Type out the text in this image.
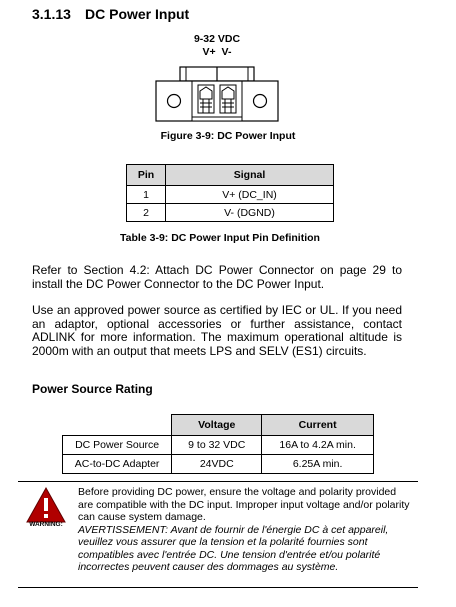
3.1.13 DC Power Input
9-32 VDC
V+  V-
Figure 3-9: DC Power Input
Pin	Signal
1	V+ (DC_IN)
2	V- (DGND)
Table 3-9: DC Power Input Pin Definition
Refer to Section 4.2: Attach DC Power Connector on page 29 to install the DC Power Connector to the DC Power Input.
Use an approved power source as certified by IEC or UL. If you need an adaptor, optional accessories or further assistance, contact ADLINK for more information. The maximum operational altitude is 2000m with an output that meets LPS and SELV (ES1) circuits.
Power Source Rating
	Voltage	Current
DC Power Source	9 to 32 VDC	16A to 4.2A min.
AC-to-DC Adapter	24VDC	6.25A min.
WARNING:
Before providing DC power, ensure the voltage and polarity provided are compatible with the DC input. Improper input voltage and/or polarity can cause system damage.
AVERTISSEMENT: Avant de fournir de l'énergie DC à cet appareil, veuillez vous assurer que la tension et la polarité fournies sont compatibles avec l'entrée DC. Une tension d'entrée et/ou polarité incorrectes peuvent causer des dommages au système.
